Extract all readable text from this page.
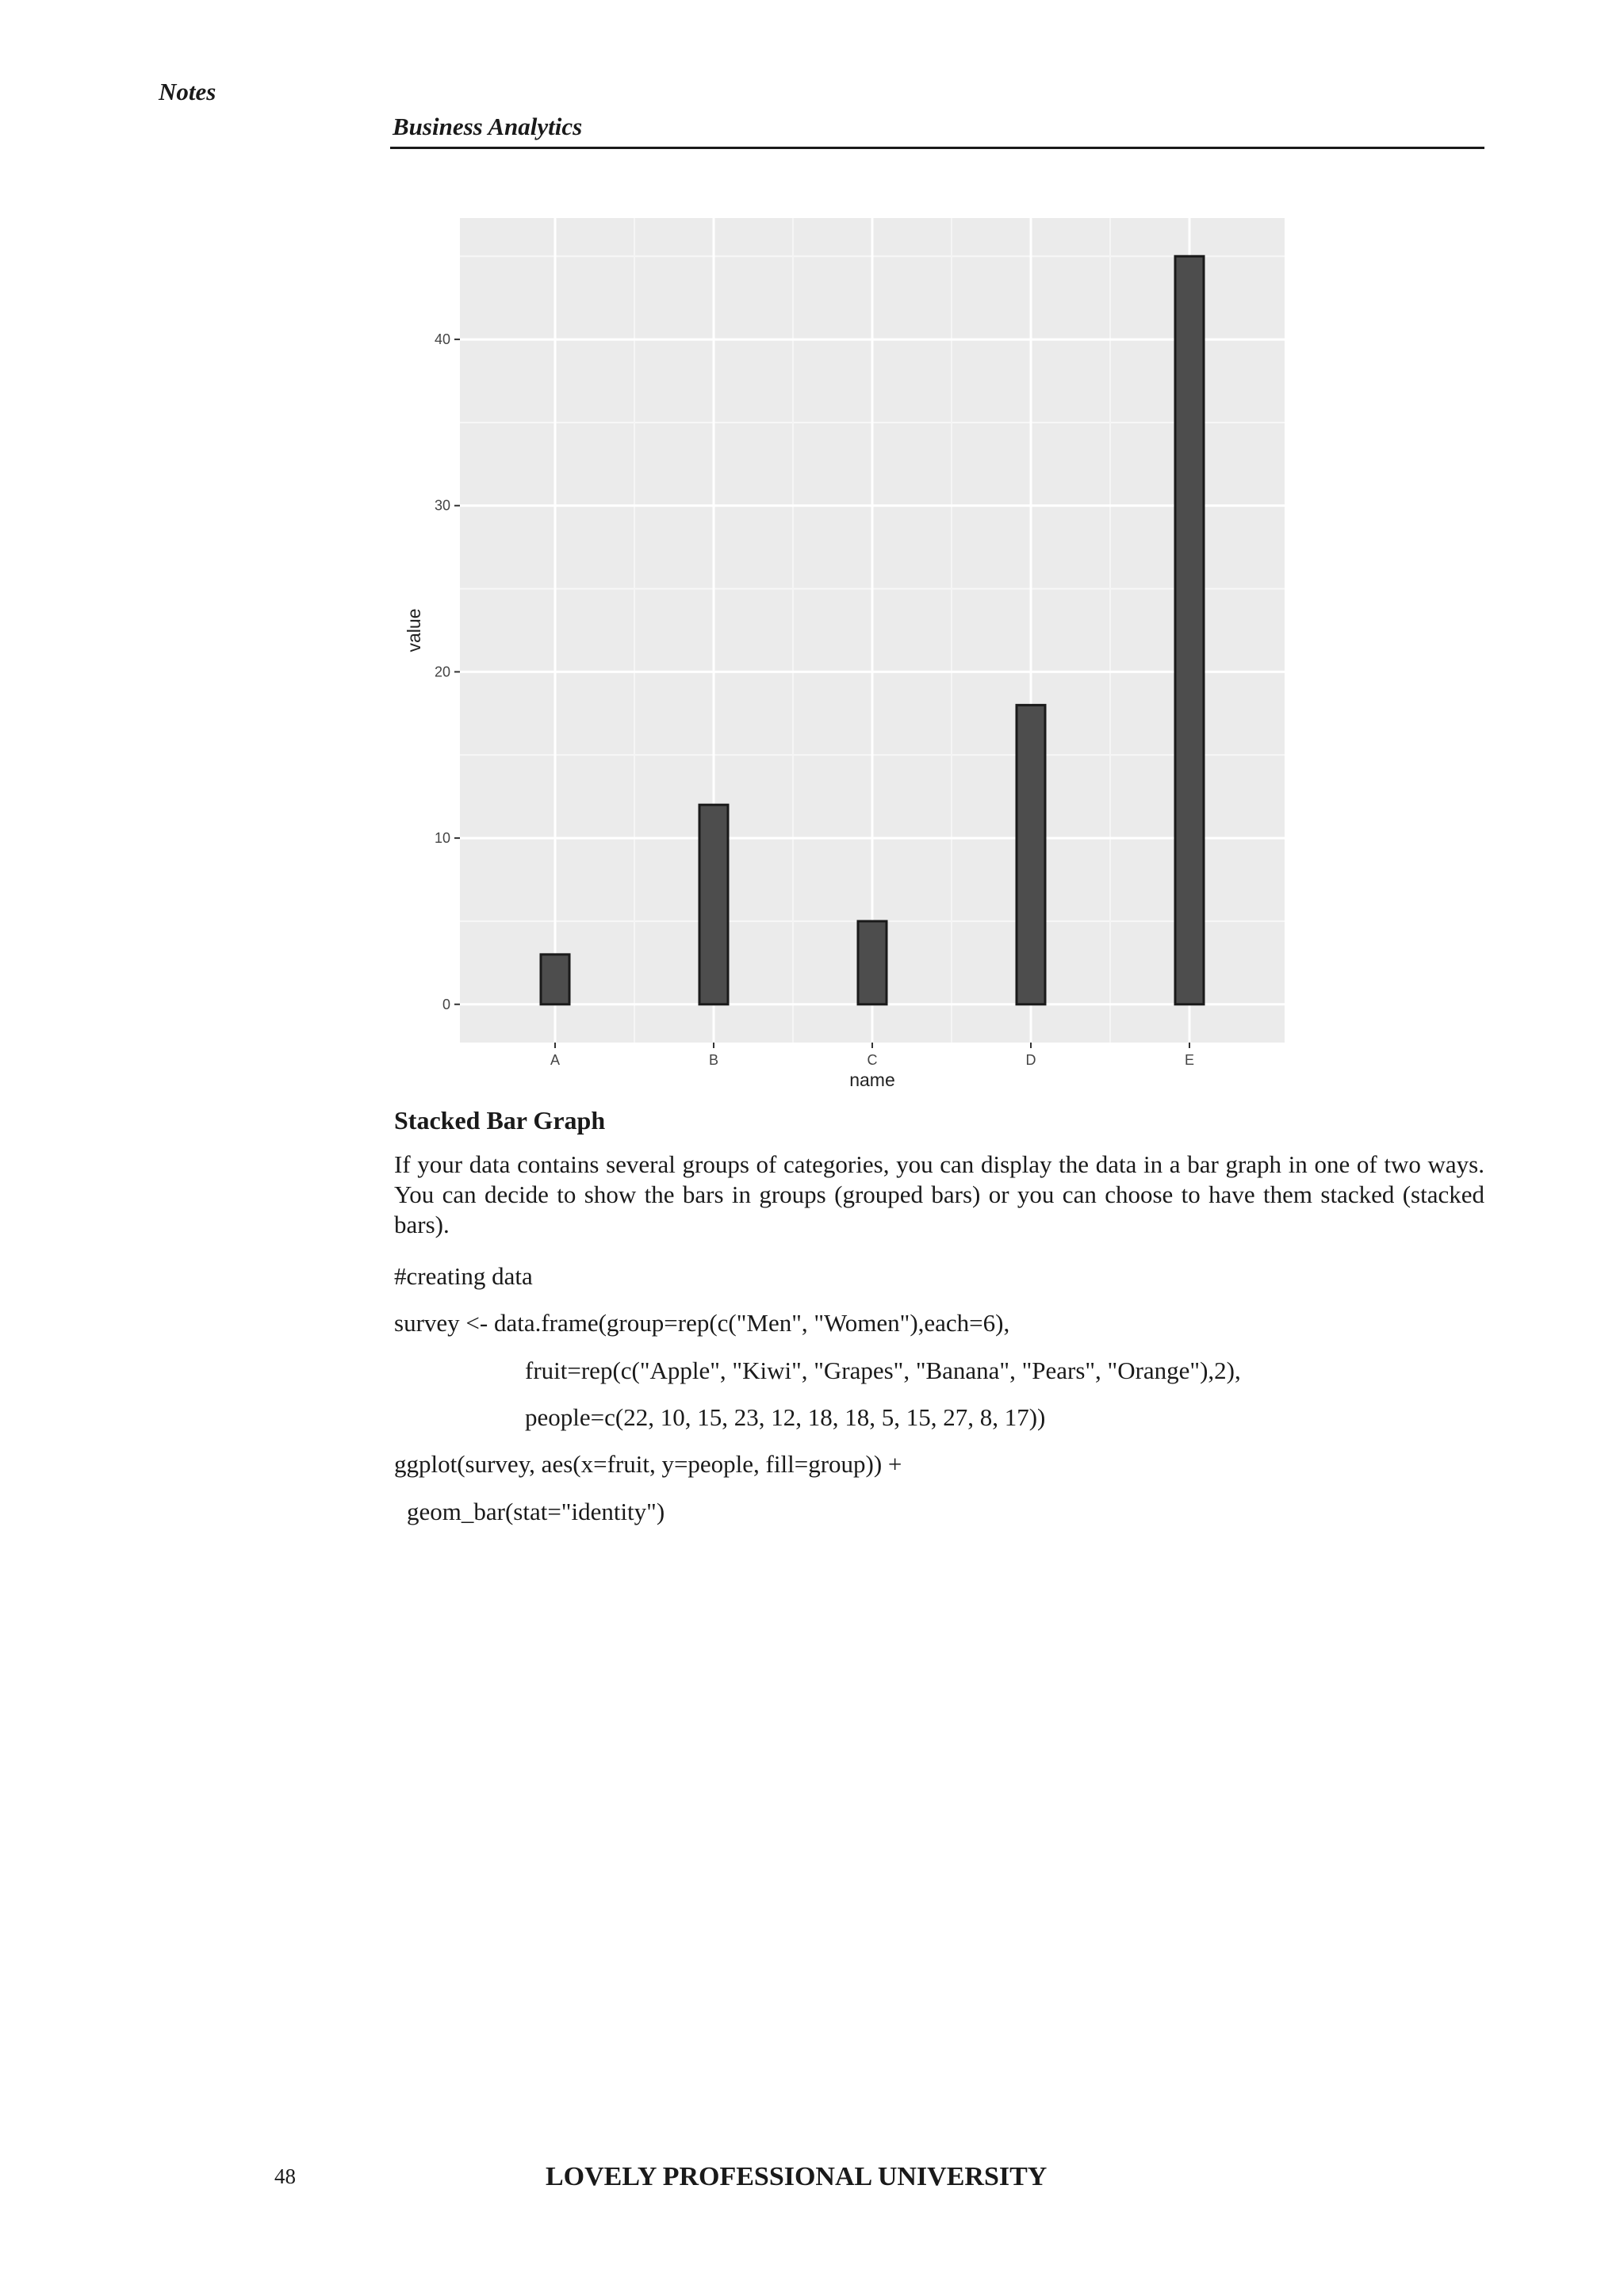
Notes
Business Analytics
0
10
20
30
40
A	B	C	D	E
value
name
Stacked Bar Graph
If your data contains several groups of categories, you can display the data in a bar graph in one of two ways. You can decide to show the bars in groups (grouped bars) or you can choose to have them stacked (stacked bars).
#creating data
survey <- data.frame(group=rep(c("Men", "Women"),each=6),
fruit=rep(c("Apple", "Kiwi", "Grapes", "Banana", "Pears", "Orange"),2),
people=c(22, 10, 15, 23, 12, 18, 18, 5, 15, 27, 8, 17))
ggplot(survey, aes(x=fruit, y=people, fill=group)) +
geom_bar(stat="identity")
48	LOVELY PROFESSIONAL UNIVERSITY
